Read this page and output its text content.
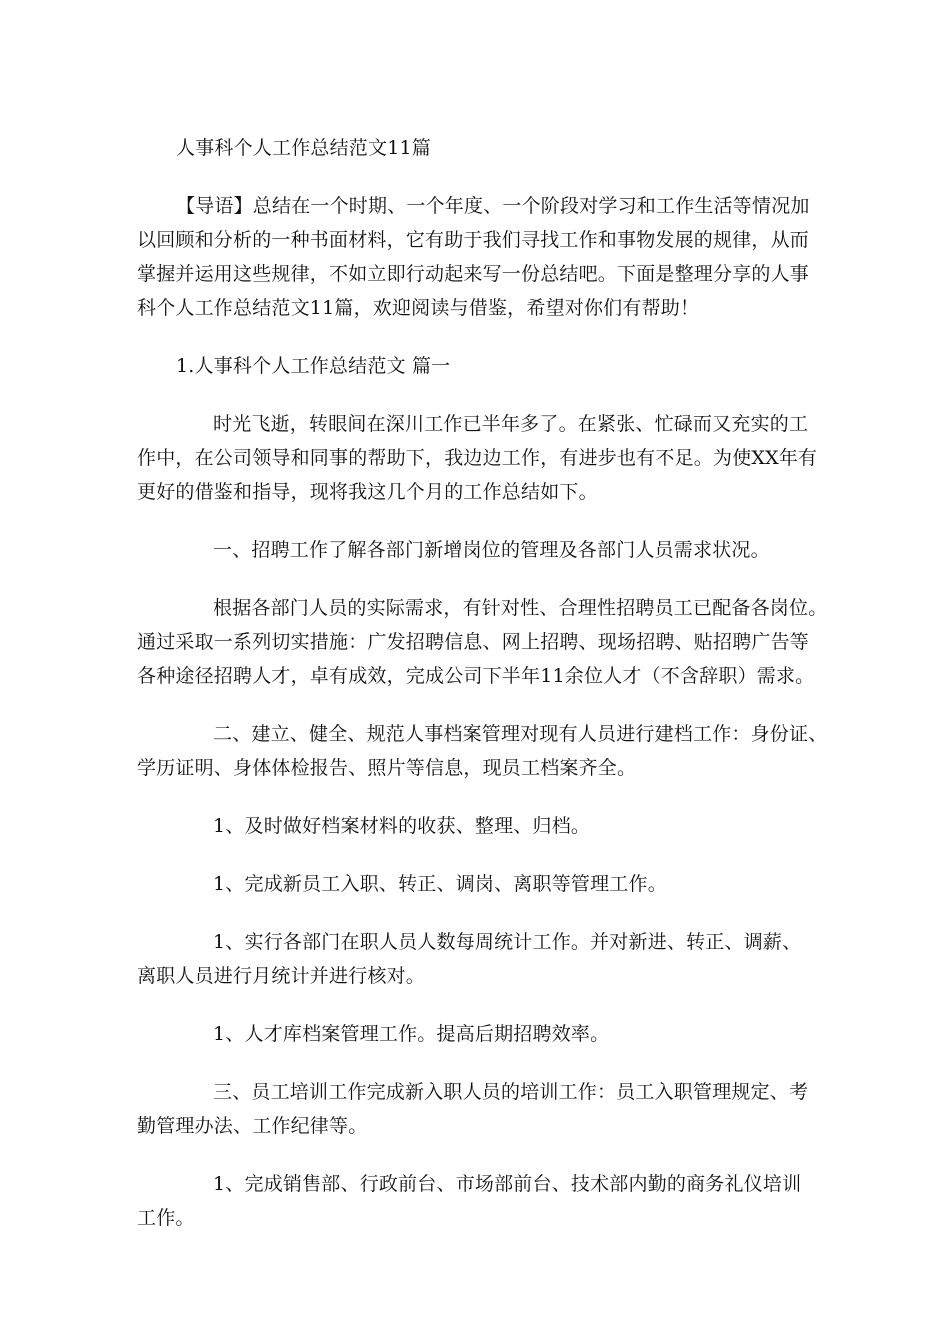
人事科个人工作总结范文11篇
【导语】总结在一个时期、一个年度、一个阶段对学习和工作生活等情况加
以回顾和分析的一种书面材料，它有助于我们寻找工作和事物发展的规律，从而
掌握并运用这些规律，不如立即行动起来写一份总结吧。下面是整理分享的人事
科个人工作总结范文11篇，欢迎阅读与借鉴，希望对你们有帮助！
1.人事科个人工作总结范文 篇一
时光飞逝，转眼间在深川工作已半年多了。在紧张、忙碌而又充实的工
作中，在公司领导和同事的帮助下，我边边工作，有进步也有不足。为使XX年有
更好的借鉴和指导，现将我这几个月的工作总结如下。
一、招聘工作了解各部门新增岗位的管理及各部门人员需求状况。
根据各部门人员的实际需求，有针对性、合理性招聘员工已配备各岗位。
通过采取一系列切实措施：广发招聘信息、网上招聘、现场招聘、贴招聘广告等
各种途径招聘人才，卓有成效，完成公司下半年11余位人才（不含辞职）需求。
二、建立、健全、规范人事档案管理对现有人员进行建档工作：身份证、
学历证明、身体体检报告、照片等信息，现员工档案齐全。
1、及时做好档案材料的收获、整理、归档。
1、完成新员工入职、转正、调岗、离职等管理工作。
1、实行各部门在职人员人数每周统计工作。并对新进、转正、调薪、
离职人员进行月统计并进行核对。
1、人才库档案管理工作。提高后期招聘效率。
三、员工培训工作完成新入职人员的培训工作：员工入职管理规定、考
勤管理办法、工作纪律等。
1、完成销售部、行政前台、市场部前台、技术部内勤的商务礼仪培训
工作。
